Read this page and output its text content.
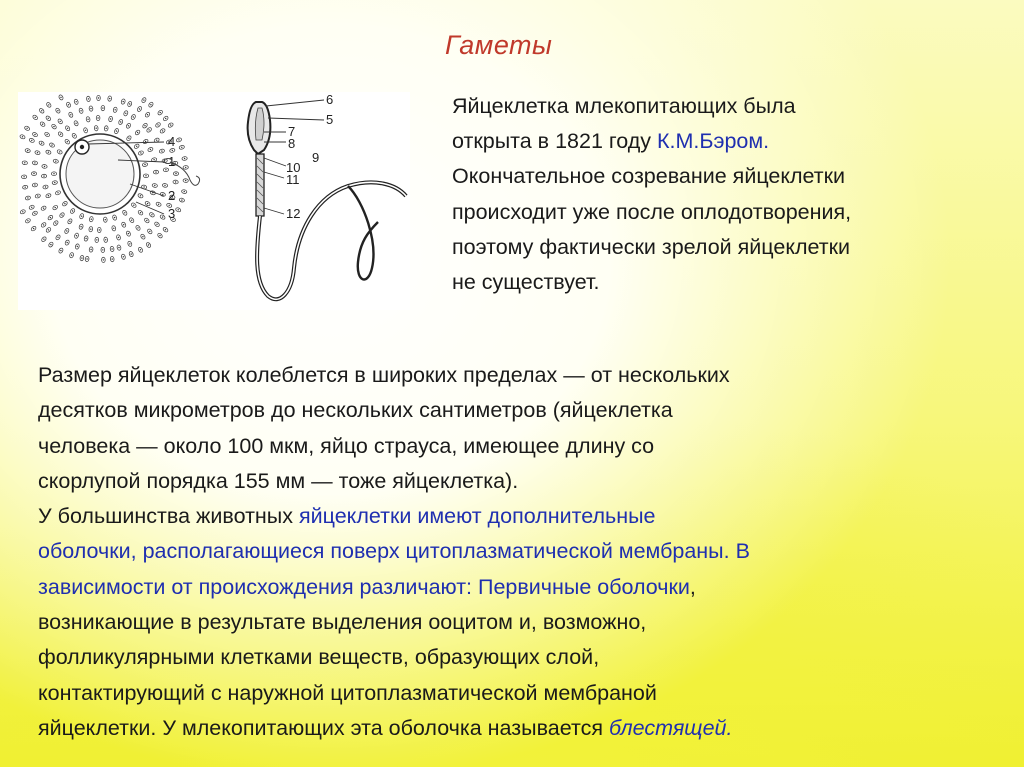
Гаметы
4
1
2
3
6
5
7
8
9
10
11
12
Яйцеклетка млекопитающих была
открыта в 1821 году К.М.Бэром.
Окончательное созревание яйцеклетки
происходит уже после оплодотворения,
поэтому фактически зрелой яйцеклетки
не существует.
Размер яйцеклеток колеблется в широких пределах — от нескольких
десятков микрометров до нескольких сантиметров (яйцеклетка
человека — около 100 мкм, яйцо страуса, имеющее длину со
скорлупой порядка 155 мм — тоже яйцеклетка).
У большинства животных яйцеклетки имеют дополнительные
оболочки, располагающиеся поверх цитоплазматической мембраны. В
зависимости от происхождения различают: Первичные оболочки,
возникающие в результате выделения ооцитом и, возможно,
фолликулярными клетками веществ, образующих слой,
контактирующий с наружной цитоплазматической мембраной
яйцеклетки. У млекопитающих эта оболочка называется блестящей.
